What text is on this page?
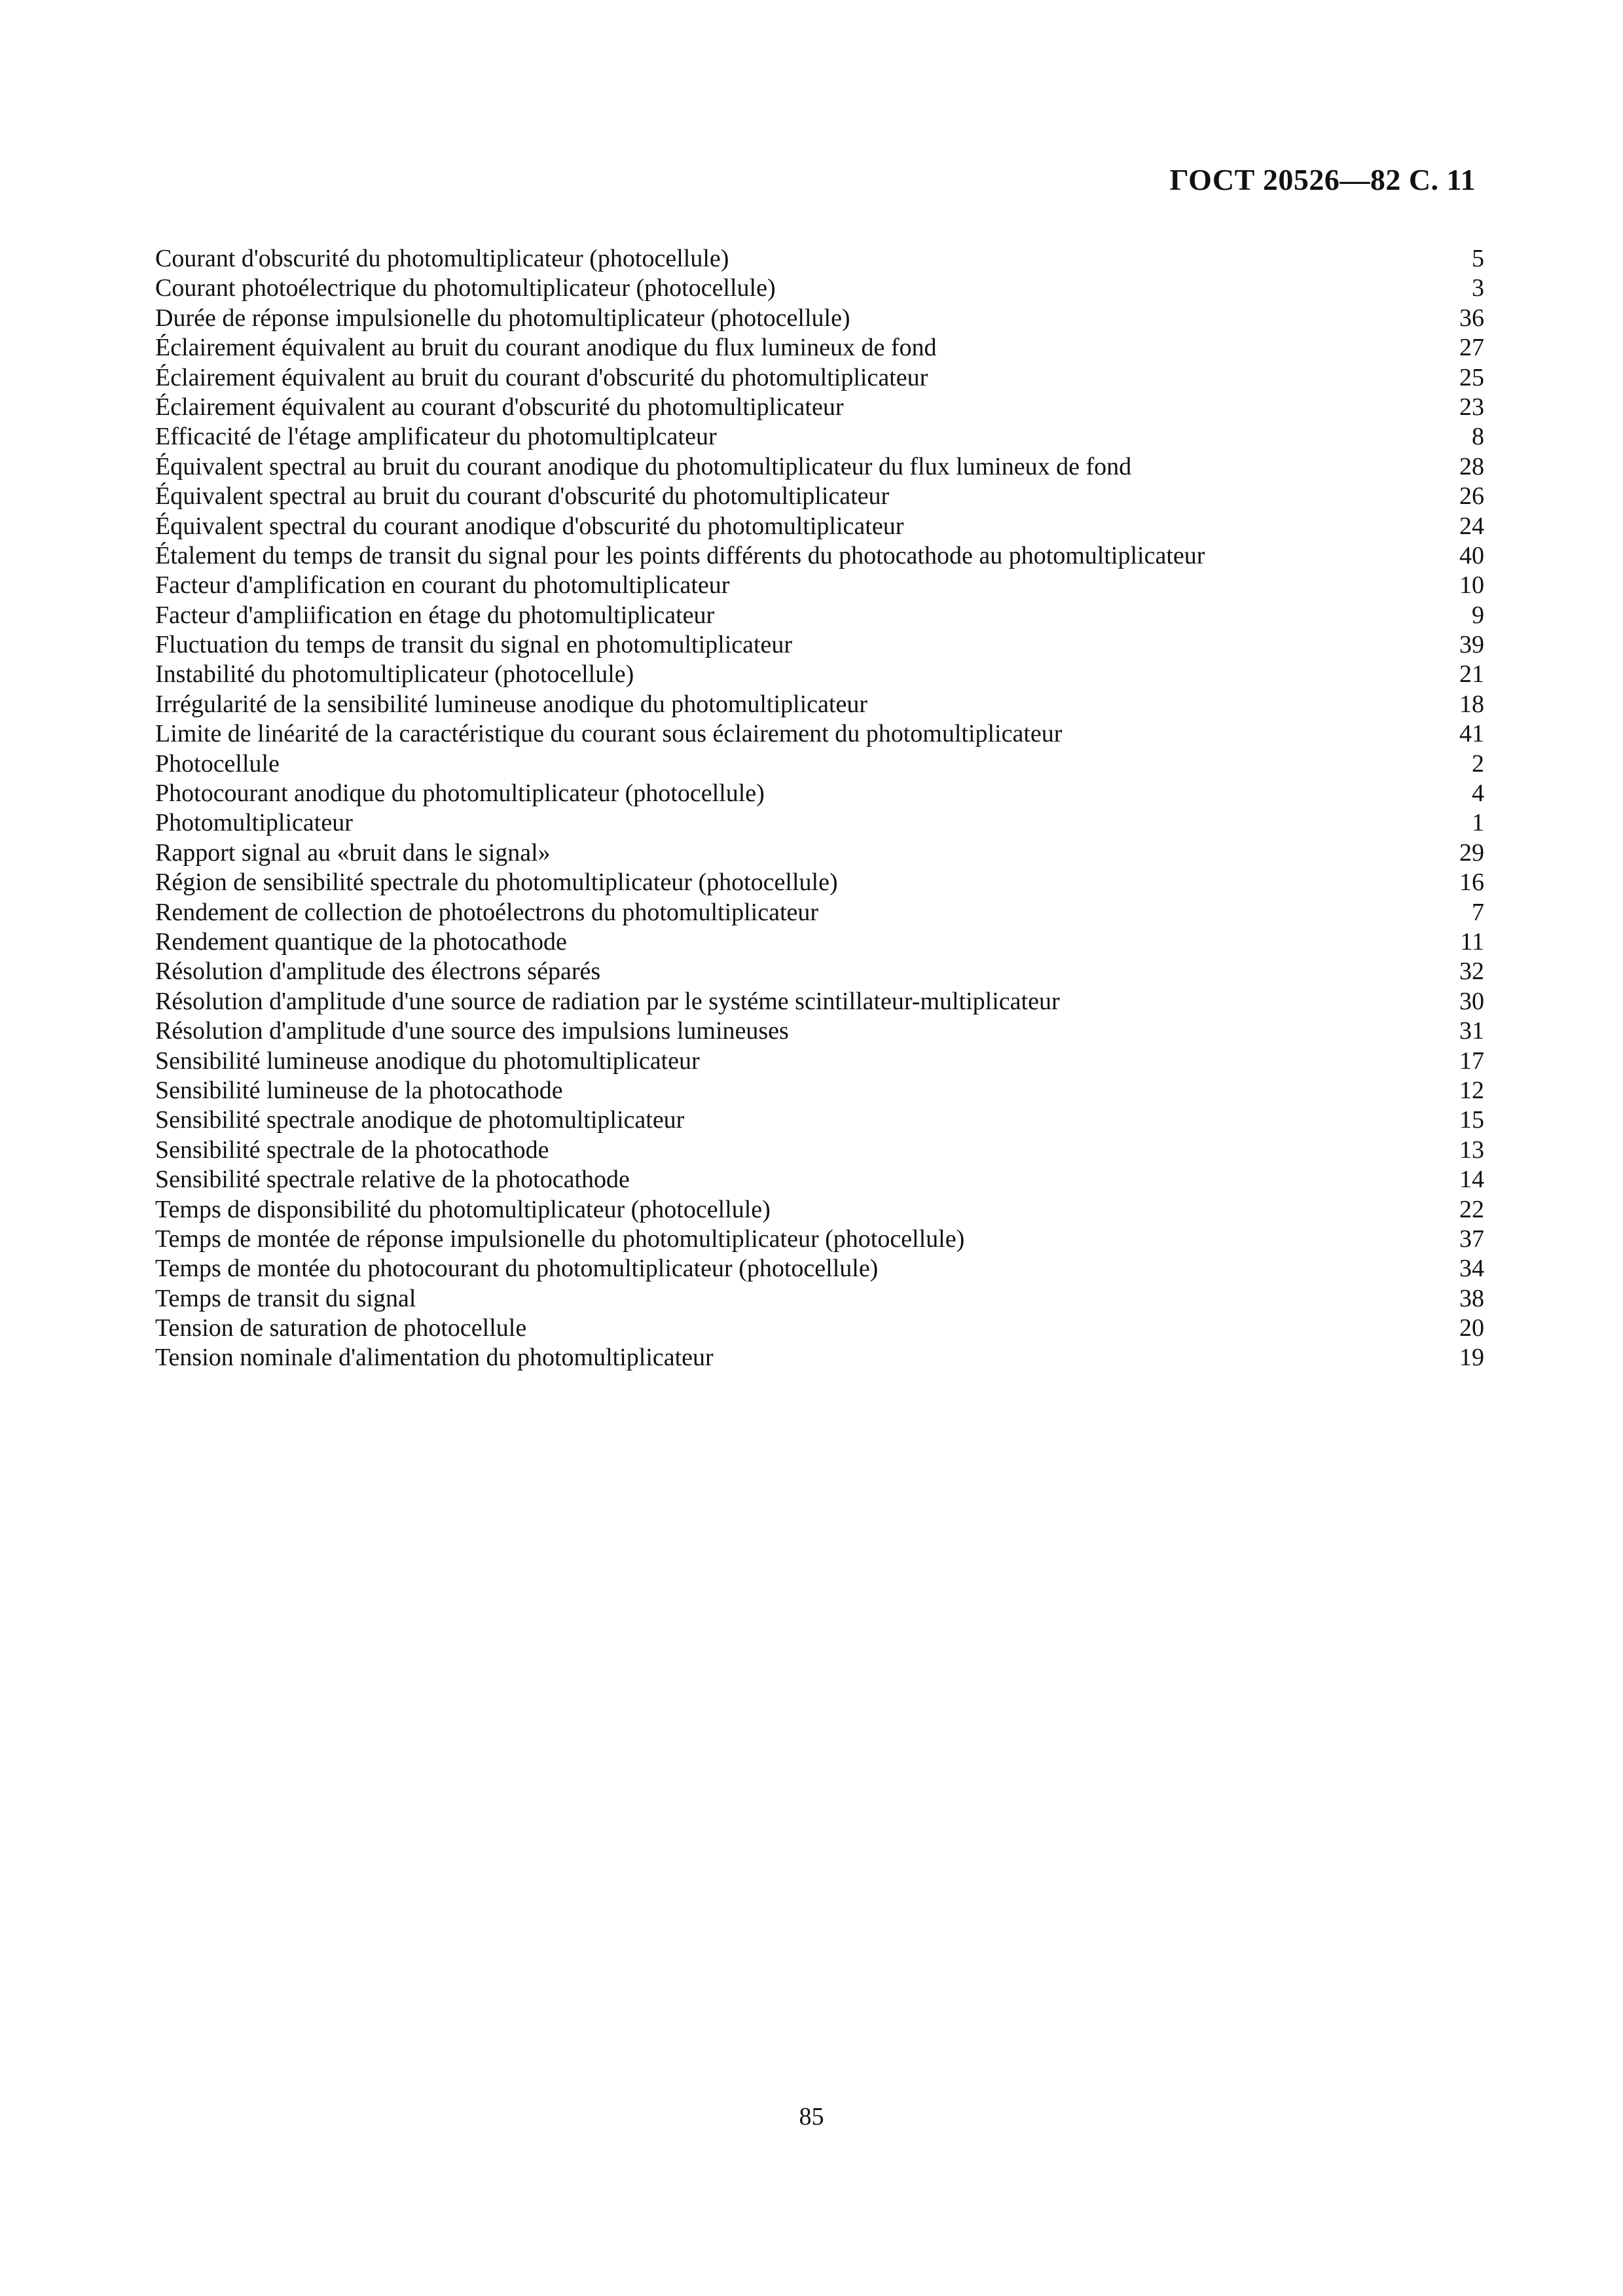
ГОСТ 20526—82 С. 11
Courant d'obscurité du photomultiplicateur (photocellule)	5
Courant photoélectrique du photomultiplicateur (photocellule)	3
Durée de réponse impulsionelle du photomultiplicateur (photocellule)	36
Éclairement équivalent au bruit du courant anodique du flux lumineux de fond	27
Éclairement équivalent au bruit du courant d'obscurité du photomultiplicateur	25
Éclairement équivalent au courant d'obscurité du photomultiplicateur	23
Efficacité de l'étage amplificateur du photomultiplcateur	8
Équivalent spectral au bruit du courant anodique du photomultiplicateur du flux lumineux de fond	28
Équivalent spectral au bruit du courant d'obscurité du photomultiplicateur	26
Équivalent spectral du courant anodique d'obscurité du photomultiplicateur	24
Étalement du temps de transit du signal pour les points différents du photocathode au photomultiplicateur	40
Facteur d'amplification en courant du photomultiplicateur	10
Facteur d'ampliification en étage du photomultiplicateur	9
Fluctuation du temps de transit du signal en photomultiplicateur	39
Instabilité du photomultiplicateur (photocellule)	21
Irrégularité de la sensibilité lumineuse anodique du photomultiplicateur	18
Limite de linéarité de la caractéristique du courant sous éclairement du photomultiplicateur	41
Photocellule	2
Photocourant anodique du photomultiplicateur (photocellule)	4
Photomultiplicateur	1
Rapport signal au «bruit dans le signal»	29
Région de sensibilité spectrale du photomultiplicateur (photocellule)	16
Rendement de collection de photoélectrons du photomultiplicateur	7
Rendement quantique de la photocathode	11
Résolution d'amplitude des électrons séparés	32
Résolution d'amplitude d'une source de radiation par le systéme scintillateur-multiplicateur	30
Résolution d'amplitude d'une source des impulsions lumineuses	31
Sensibilité lumineuse anodique du photomultiplicateur	17
Sensibilité lumineuse de la photocathode	12
Sensibilité spectrale anodique de photomultiplicateur	15
Sensibilité spectrale de la photocathode	13
Sensibilité spectrale relative de la photocathode	14
Temps de disponsibilité du photomultiplicateur (photocellule)	22
Temps de montée de réponse impulsionelle du photomultiplicateur (photocellule)	37
Temps de montée du photocourant du photomultiplicateur (photocellule)	34
Temps de transit du signal	38
Tension de saturation de photocellule	20
Tension nominale d'alimentation du photomultiplicateur	19
85
